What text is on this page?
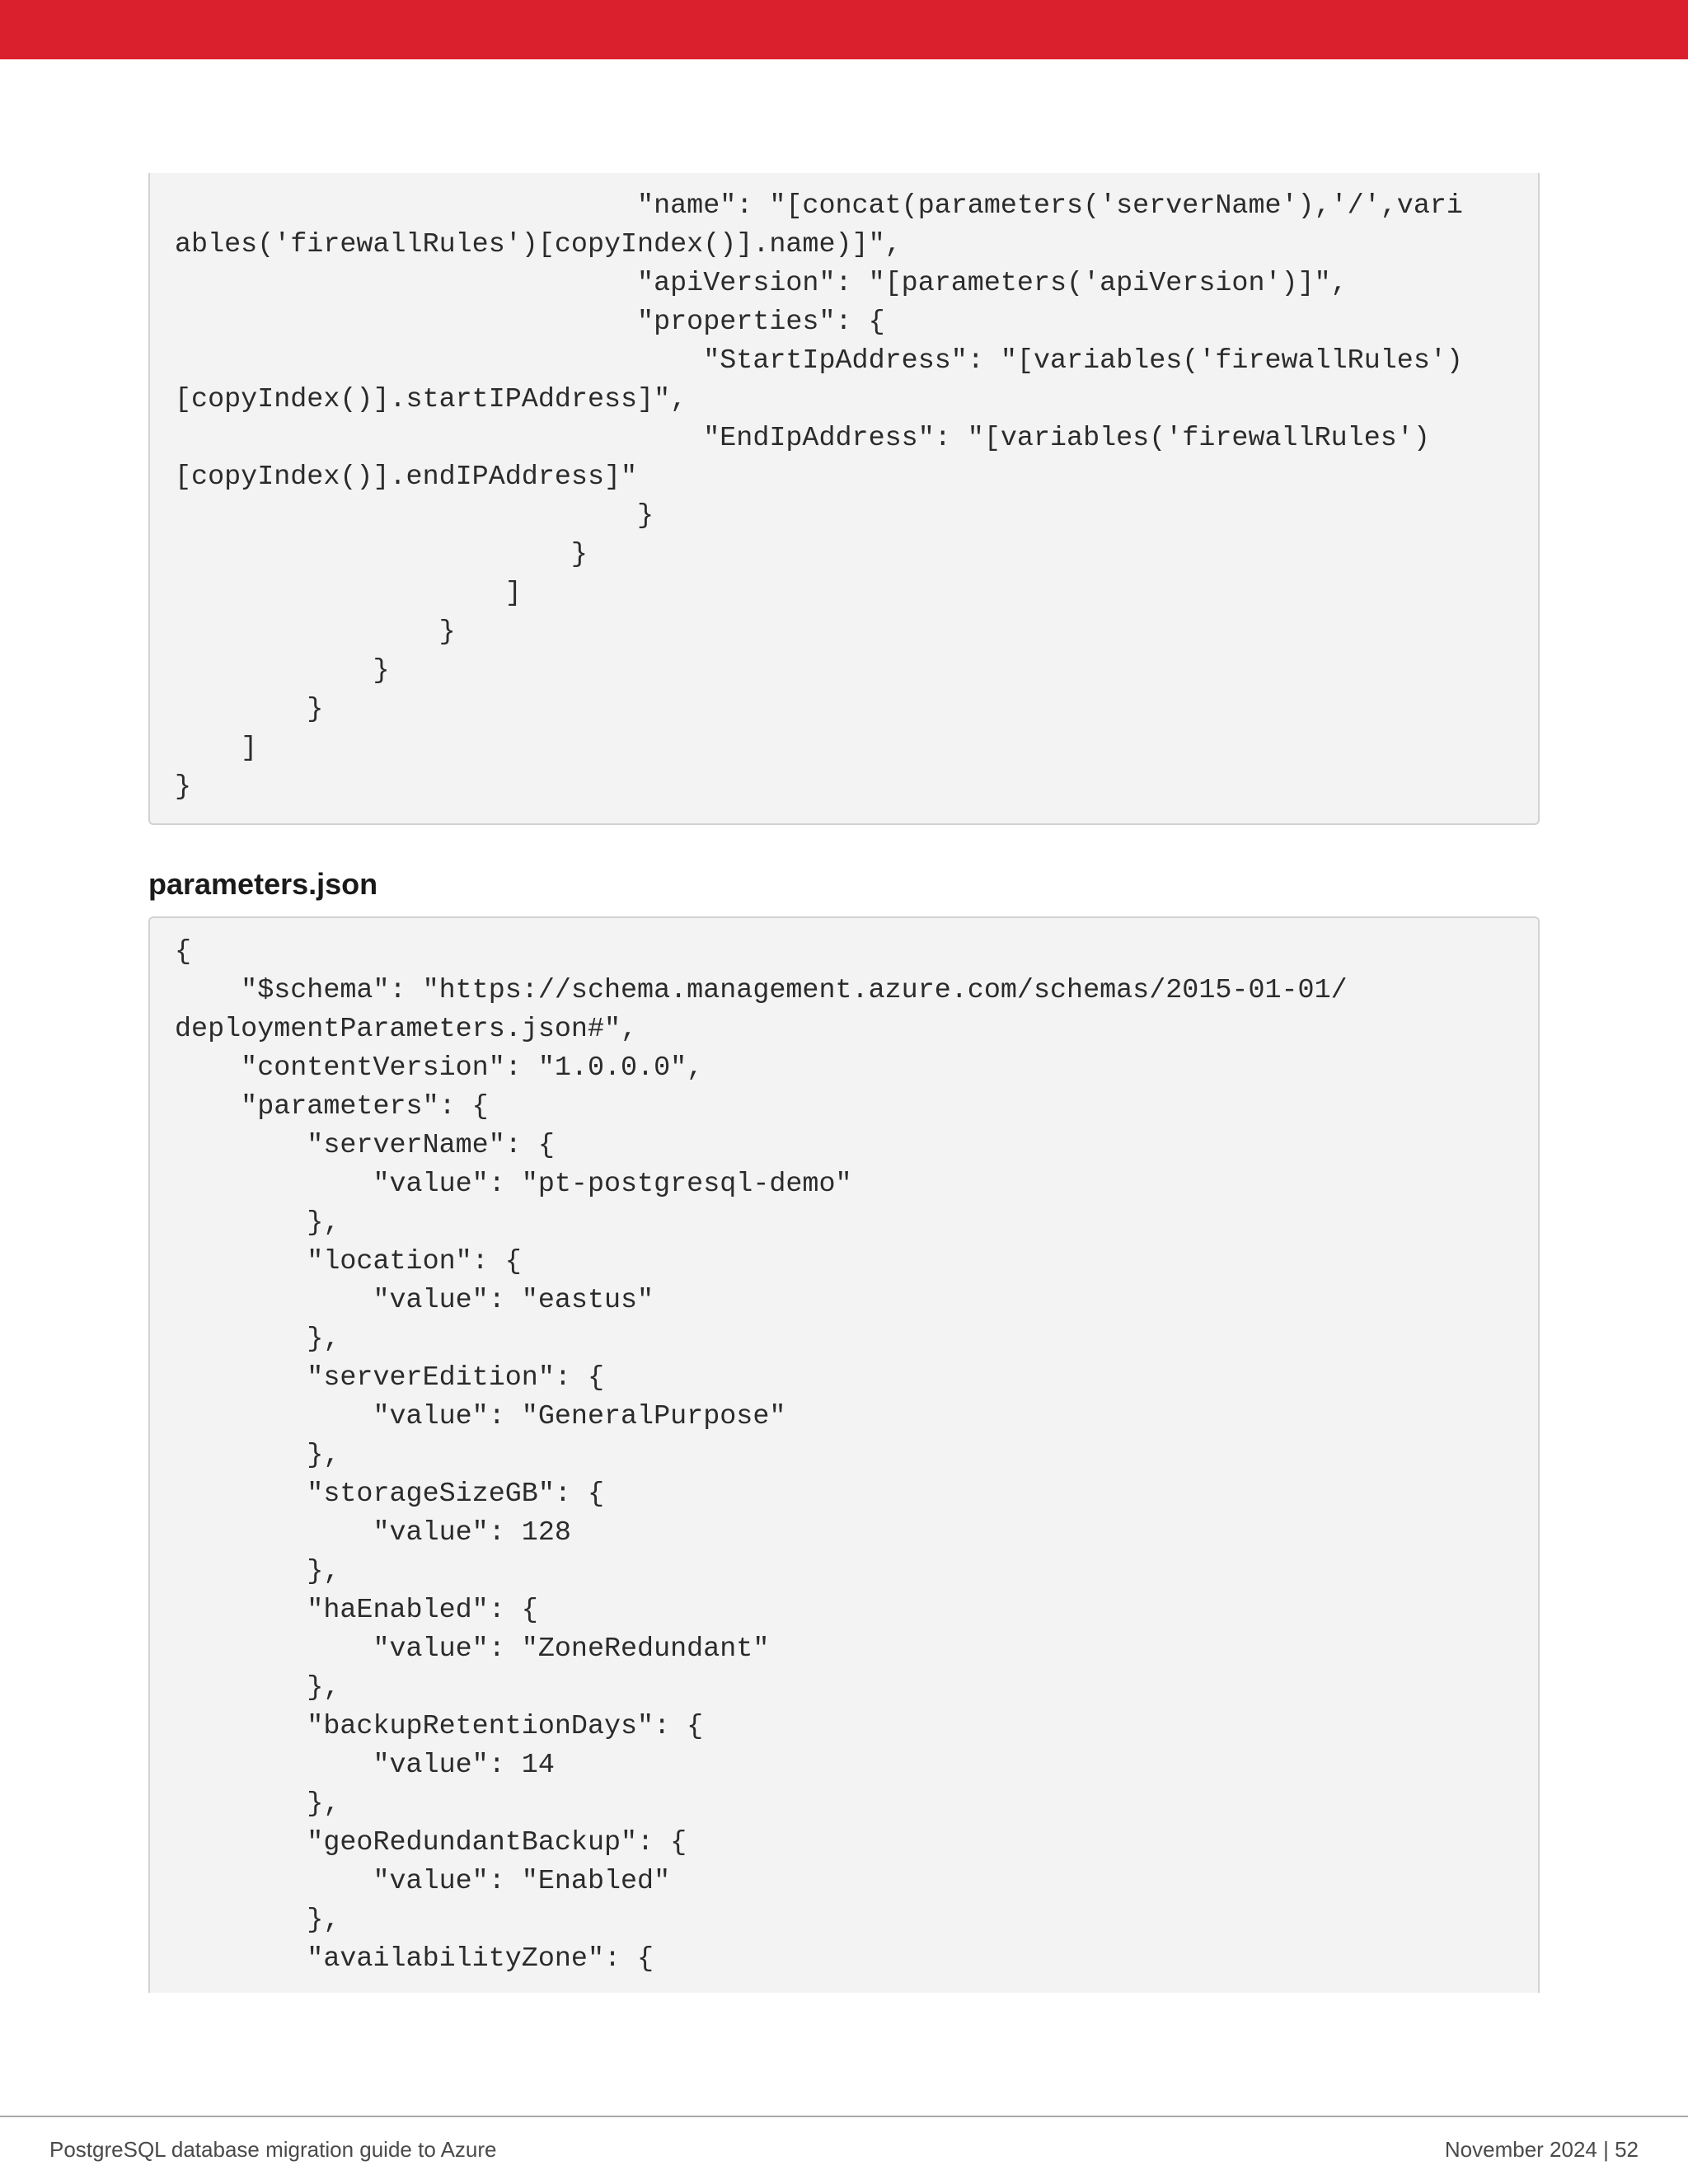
"name": "[concat(parameters('serverName'),'/',vari
ables('firewallRules')[copyIndex()].name)]",
"apiVersion": "[parameters('apiVersion')]",
"properties": {
"StartIpAddress": "[variables('firewallRules')
[copyIndex()].startIPAddress]",
"EndIpAddress": "[variables('firewallRules')
[copyIndex()].endIPAddress]"
}
}
]
}
}
}
]
}
parameters.json
{
"$schema": "https://schema.management.azure.com/schemas/2015-01-01/
deploymentParameters.json#",
"contentVersion": "1.0.0.0",
"parameters": {
"serverName": {
"value": "pt-postgresql-demo"
},
"location": {
"value": "eastus"
},
"serverEdition": {
"value": "GeneralPurpose"
},
"storageSizeGB": {
"value": 128
},
"haEnabled": {
"value": "ZoneRedundant"
},
"backupRetentionDays": {
"value": 14
},
"geoRedundantBackup": {
"value": "Enabled"
},
"availabilityZone": {
PostgreSQL database migration guide to Azure	November 2024 | 52
